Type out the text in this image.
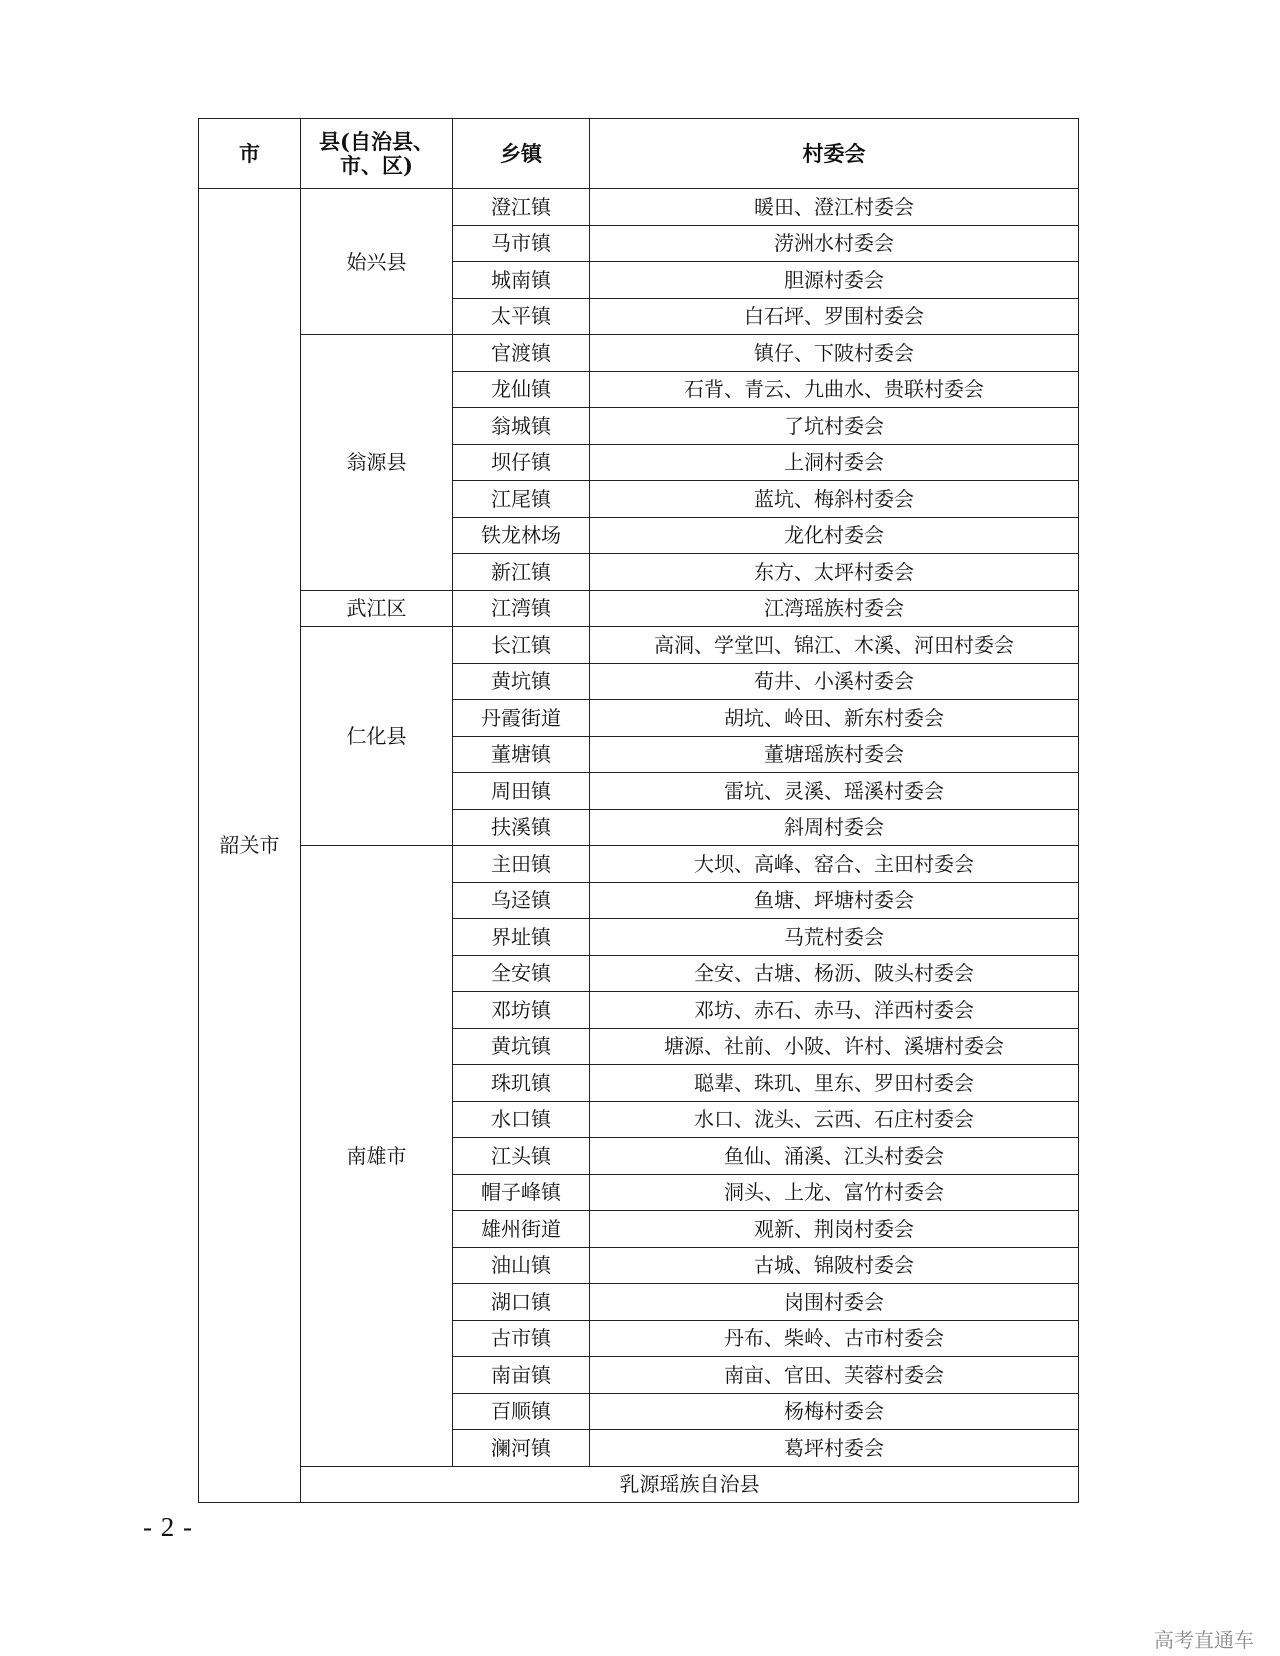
市	县(自治县、市、区)	乡镇	村委会
韶关市	始兴县	澄江镇	暖田、澄江村委会
		马市镇	涝洲水村委会
		城南镇	胆源村委会
		太平镇	白石坪、罗围村委会
	翁源县	官渡镇	镇仔、下陂村委会
		龙仙镇	石背、青云、九曲水、贵联村委会
		翁城镇	了坑村委会
		坝仔镇	上洞村委会
		江尾镇	蓝坑、梅斜村委会
		铁龙林场	龙化村委会
		新江镇	东方、太坪村委会
	武江区	江湾镇	江湾瑶族村委会
	仁化县	长江镇	高洞、学堂凹、锦江、木溪、河田村委会
		黄坑镇	荀井、小溪村委会
		丹霞街道	胡坑、岭田、新东村委会
		董塘镇	董塘瑶族村委会
		周田镇	雷坑、灵溪、瑶溪村委会
		扶溪镇	斜周村委会
	南雄市	主田镇	大坝、高峰、窑合、主田村委会
		乌迳镇	鱼塘、坪塘村委会
		界址镇	马荒村委会
		全安镇	全安、古塘、杨沥、陂头村委会
		邓坊镇	邓坊、赤石、赤马、洋西村委会
		黄坑镇	塘源、社前、小陂、许村、溪塘村委会
		珠玑镇	聪辈、珠玑、里东、罗田村委会
		水口镇	水口、泷头、云西、石庄村委会
		江头镇	鱼仙、涌溪、江头村委会
		帽子峰镇	洞头、上龙、富竹村委会
		雄州街道	观新、荆岗村委会
		油山镇	古城、锦陂村委会
		湖口镇	岗围村委会
		古市镇	丹布、柴岭、古市村委会
		南亩镇	南亩、官田、芙蓉村委会
		百顺镇	杨梅村委会
		澜河镇	葛坪村委会
	乳源瑶族自治县		
- 2 -
高考直通车
